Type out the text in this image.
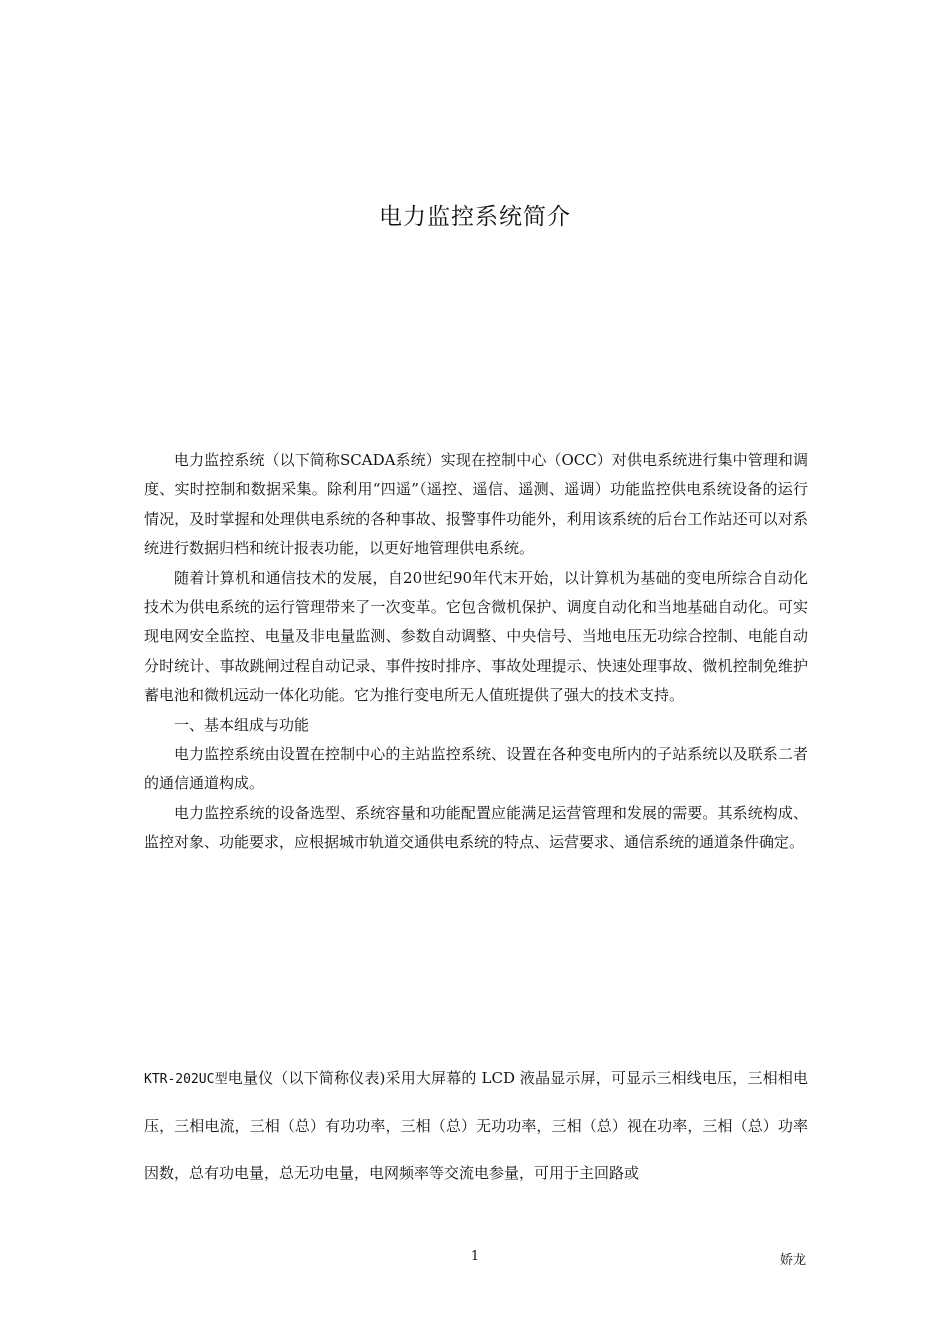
电力监控系统简介

电力监控系统（以下简称SCADA系统）实现在控制中心（OCC）对供电系统进行集中管理和调度、实时控制和数据采集。除利用“四遥”（遥控、遥信、遥测、遥调）功能监控供电系统设备的运行情况，及时掌握和处理供电系统的各种事故、报警事件功能外，利用该系统的后台工作站还可以对系统进行数据归档和统计报表功能，以更好地管理供电系统。

随着计算机和通信技术的发展，自20世纪90年代末开始，以计算机为基础的变电所综合自动化技术为供电系统的运行管理带来了一次变革。它包含微机保护、调度自动化和当地基础自动化。可实现电网安全监控、电量及非电量监测、参数自动调整、中央信号、当地电压无功综合控制、电能自动分时统计、事故跳闸过程自动记录、事件按时排序、事故处理提示、快速处理事故、微机控制免维护蓄电池和微机远动一体化功能。它为推行变电所无人值班提供了强大的技术支持。

一、基本组成与功能

电力监控系统由设置在控制中心的主站监控系统、设置在各种变电所内的子站系统以及联系二者的通信通道构成。

电力监控系统的设备选型、系统容量和功能配置应能满足运营管理和发展的需要。其系统构成、监控对象、功能要求，应根据城市轨道交通供电系统的特点、运营要求、通信系统的通道条件确定。

KTR-202UC型电量仪（以下简称仪表)采用大屏幕的 LCD 液晶显示屏，可显示三相线电压，三相相电压，三相电流，三相（总）有功功率，三相（总）无功功率，三相（总）视在功率，三相（总）功率因数，总有功电量，总无功电量，电网频率等交流电参量，可用于主回路或
1	娇龙
